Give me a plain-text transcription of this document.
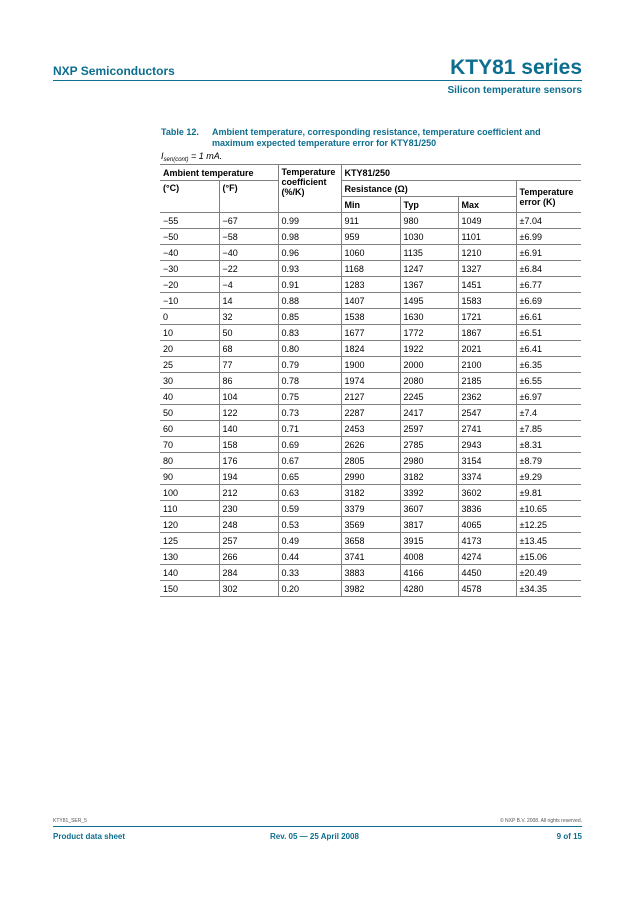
NXP Semiconductors	KTY81 series
Silicon temperature sensors
Table 12. Ambient temperature, corresponding resistance, temperature coefficient and maximum expected temperature error for KTY81/250
$I_{sen(cont)} = 1$ mA.
Ambient temperature		Temperature coefficient (%/K)	KTY81/250			
(°C)	(°F)		Resistance (Ω)			Temperature error (K)
			Min	Typ	Max	
−55	−67	0.99	911	980	1049	±7.04
−50	−58	0.98	959	1030	1101	±6.99
−40	−40	0.96	1060	1135	1210	±6.91
−30	−22	0.93	1168	1247	1327	±6.84
−20	−4	0.91	1283	1367	1451	±6.77
−10	14	0.88	1407	1495	1583	±6.69
0	32	0.85	1538	1630	1721	±6.61
10	50	0.83	1677	1772	1867	±6.51
20	68	0.80	1824	1922	2021	±6.41
25	77	0.79	1900	2000	2100	±6.35
30	86	0.78	1974	2080	2185	±6.55
40	104	0.75	2127	2245	2362	±6.97
50	122	0.73	2287	2417	2547	±7.4
60	140	0.71	2453	2597	2741	±7.85
70	158	0.69	2626	2785	2943	±8.31
80	176	0.67	2805	2980	3154	±8.79
90	194	0.65	2990	3182	3374	±9.29
100	212	0.63	3182	3392	3602	±9.81
110	230	0.59	3379	3607	3836	±10.65
120	248	0.53	3569	3817	4065	±12.25
125	257	0.49	3658	3915	4173	±13.45
130	266	0.44	3741	4008	4274	±15.06
140	284	0.33	3883	4166	4450	±20.49
150	302	0.20	3982	4280	4578	±34.35
KTY81_SER_5	© NXP B.V. 2008. All rights reserved.
Product data sheet	Rev. 05 — 25 April 2008	9 of 15
